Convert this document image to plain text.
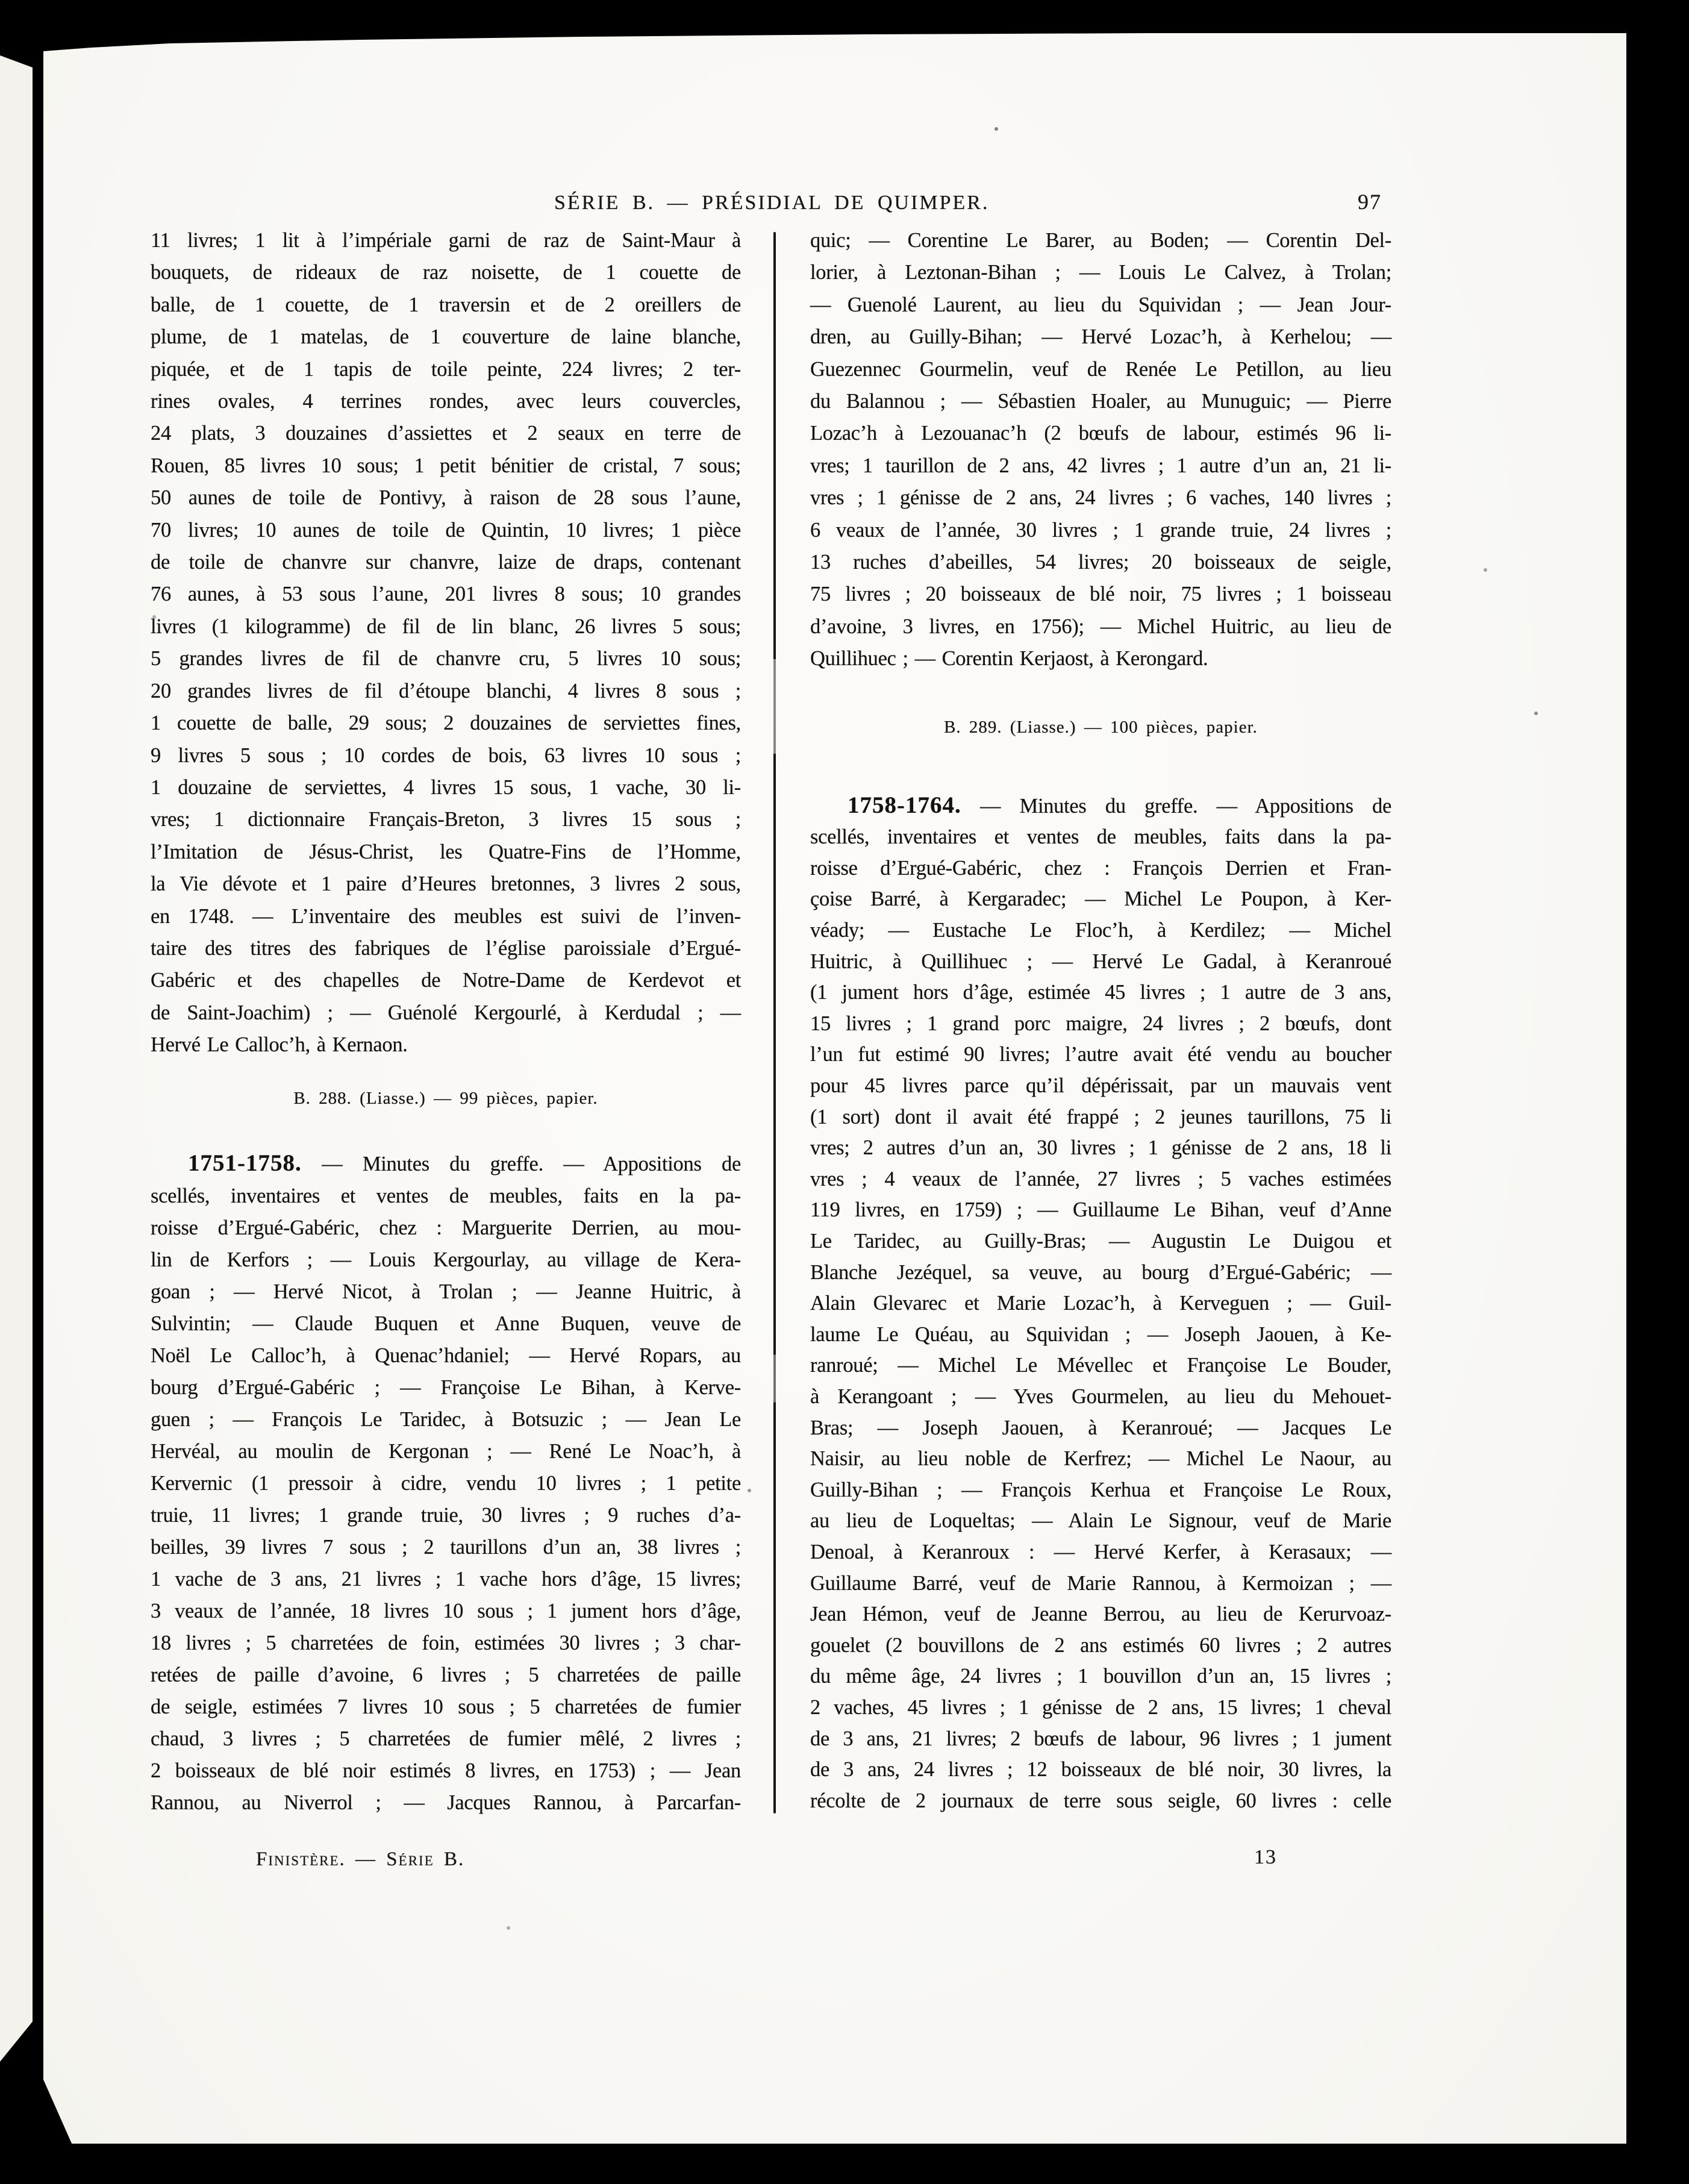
SÉRIE B. — PRÉSIDIAL DE QUIMPER.	97
11 livres; 1 lit à l’impériale garni de raz de Saint-Maur à
bouquets, de rideaux de raz noisette, de 1 couette de
balle, de 1 couette, de 1 traversin et de 2 oreillers de
plume, de 1 matelas, de 1 couverture de laine blanche,
piquée, et de 1 tapis de toile peinte, 224 livres; 2 ter-
rines ovales, 4 terrines rondes, avec leurs couvercles,
24 plats, 3 douzaines d’assiettes et 2 seaux en terre de
Rouen, 85 livres 10 sous; 1 petit bénitier de cristal, 7 sous;
50 aunes de toile de Pontivy, à raison de 28 sous l’aune,
70 livres; 10 aunes de toile de Quintin, 10 livres; 1 pièce
de toile de chanvre sur chanvre, laize de draps, contenant
76 aunes, à 53 sous l’aune, 201 livres 8 sous; 10 grandes
livres (1 kilogramme) de fil de lin blanc, 26 livres 5 sous;
5 grandes livres de fil de chanvre cru, 5 livres 10 sous;
20 grandes livres de fil d’étoupe blanchi, 4 livres 8 sous ;
1 couette de balle, 29 sous; 2 douzaines de serviettes fines,
9 livres 5 sous ; 10 cordes de bois, 63 livres 10 sous ;
1 douzaine de serviettes, 4 livres 15 sous, 1 vache, 30 li-
vres; 1 dictionnaire Français-Breton, 3 livres 15 sous ;
l’Imitation de Jésus-Christ, les Quatre-Fins de l’Homme,
la Vie dévote et 1 paire d’Heures bretonnes, 3 livres 2 sous,
en 1748. — L’inventaire des meubles est suivi de l’inven-
taire des titres des fabriques de l’église paroissiale d’Ergué-
Gabéric et des chapelles de Notre-Dame de Kerdevot et
de Saint-Joachim) ; — Guénolé Kergourlé, à Kerdudal ; —
Hervé Le Calloc’h, à Kernaon.
B. 288. (Liasse.) — 99 pièces, papier.
1751-1758. — Minutes du greffe. — Appositions de
scellés, inventaires et ventes de meubles, faits en la pa-
roisse d’Ergué-Gabéric, chez : Marguerite Derrien, au mou-
lin de Kerfors ; — Louis Kergourlay, au village de Kera-
goan ; — Hervé Nicot, à Trolan ; — Jeanne Huitric, à
Sulvintin; — Claude Buquen et Anne Buquen, veuve de
Noël Le Calloc’h, à Quenac’hdaniel; — Hervé Ropars, au
bourg d’Ergué-Gabéric ; — Françoise Le Bihan, à Kerve-
guen ; — François Le Taridec, à Botsuzic ; — Jean Le
Hervéal, au moulin de Kergonan ; — René Le Noac’h, à
Kervernic (1 pressoir à cidre, vendu 10 livres ; 1 petite
truie, 11 livres; 1 grande truie, 30 livres ; 9 ruches d’a-
beilles, 39 livres 7 sous ; 2 taurillons d’un an, 38 livres ;
1 vache de 3 ans, 21 livres ; 1 vache hors d’âge, 15 livres;
3 veaux de l’année, 18 livres 10 sous ; 1 jument hors d’âge,
18 livres ; 5 charretées de foin, estimées 30 livres ; 3 char-
retées de paille d’avoine, 6 livres ; 5 charretées de paille
de seigle, estimées 7 livres 10 sous ; 5 charretées de fumier
chaud, 3 livres ; 5 charretées de fumier mêlé, 2 livres ;
2 boisseaux de blé noir estimés 8 livres, en 1753) ; — Jean
Rannou, au Niverrol ; — Jacques Rannou, à Parcarfan-
quic; — Corentine Le Barer, au Boden; — Corentin Del-
lorier, à Leztonan-Bihan ; — Louis Le Calvez, à Trolan;
— Guenolé Laurent, au lieu du Squividan ; — Jean Jour-
dren, au Guilly-Bihan; — Hervé Lozac’h, à Kerhelou; —
Guezennec Gourmelin, veuf de Renée Le Petillon, au lieu
du Balannou ; — Sébastien Hoaler, au Munuguic; — Pierre
Lozac’h à Lezouanac’h (2 bœufs de labour, estimés 96 li-
vres; 1 taurillon de 2 ans, 42 livres ; 1 autre d’un an, 21 li-
vres ; 1 génisse de 2 ans, 24 livres ; 6 vaches, 140 livres ;
6 veaux de l’année, 30 livres ; 1 grande truie, 24 livres ;
13 ruches d’abeilles, 54 livres; 20 boisseaux de seigle,
75 livres ; 20 boisseaux de blé noir, 75 livres ; 1 boisseau
d’avoine, 3 livres, en 1756); — Michel Huitric, au lieu de
Quillihuec ; — Corentin Kerjaost, à Kerongard.
B. 289. (Liasse.) — 100 pièces, papier.
1758-1764. — Minutes du greffe. — Appositions de
scellés, inventaires et ventes de meubles, faits dans la pa-
roisse d’Ergué-Gabéric, chez : François Derrien et Fran-
çoise Barré, à Kergaradec; — Michel Le Poupon, à Ker-
véady; — Eustache Le Floc’h, à Kerdilez; — Michel
Huitric, à Quillihuec ; — Hervé Le Gadal, à Keranroué
(1 jument hors d’âge, estimée 45 livres ; 1 autre de 3 ans,
15 livres ; 1 grand porc maigre, 24 livres ; 2 bœufs, dont
l’un fut estimé 90 livres; l’autre avait été vendu au boucher
pour 45 livres parce qu’il dépérissait, par un mauvais vent
(1 sort) dont il avait été frappé ; 2 jeunes taurillons, 75 li
vres; 2 autres d’un an, 30 livres ; 1 génisse de 2 ans, 18 li
vres ; 4 veaux de l’année, 27 livres ; 5 vaches estimées
119 livres, en 1759) ; — Guillaume Le Bihan, veuf d’Anne
Le Taridec, au Guilly-Bras; — Augustin Le Duigou et
Blanche Jezéquel, sa veuve, au bourg d’Ergué-Gabéric; —
Alain Glevarec et Marie Lozac’h, à Kerveguen ; — Guil-
laume Le Quéau, au Squividan ; — Joseph Jaouen, à Ke-
ranroué; — Michel Le Mévellec et Françoise Le Bouder,
à Kerangoant ; — Yves Gourmelen, au lieu du Mehouet-
Bras; — Joseph Jaouen, à Keranroué; — Jacques Le
Naisir, au lieu noble de Kerfrez; — Michel Le Naour, au
Guilly-Bihan ; — François Kerhua et Françoise Le Roux,
au lieu de Loqueltas; — Alain Le Signour, veuf de Marie
Denoal, à Keranroux : — Hervé Kerfer, à Kerasaux; —
Guillaume Barré, veuf de Marie Rannou, à Kermoizan ; —
Jean Hémon, veuf de Jeanne Berrou, au lieu de Kerurvoaz-
gouelet (2 bouvillons de 2 ans estimés 60 livres ; 2 autres
du même âge, 24 livres ; 1 bouvillon d’un an, 15 livres ;
2 vaches, 45 livres ; 1 génisse de 2 ans, 15 livres; 1 cheval
de 3 ans, 21 livres; 2 bœufs de labour, 96 livres ; 1 jument
de 3 ans, 24 livres ; 12 boisseaux de blé noir, 30 livres, la
récolte de 2 journaux de terre sous seigle, 60 livres : celle
Finistère. — Série B.	13
